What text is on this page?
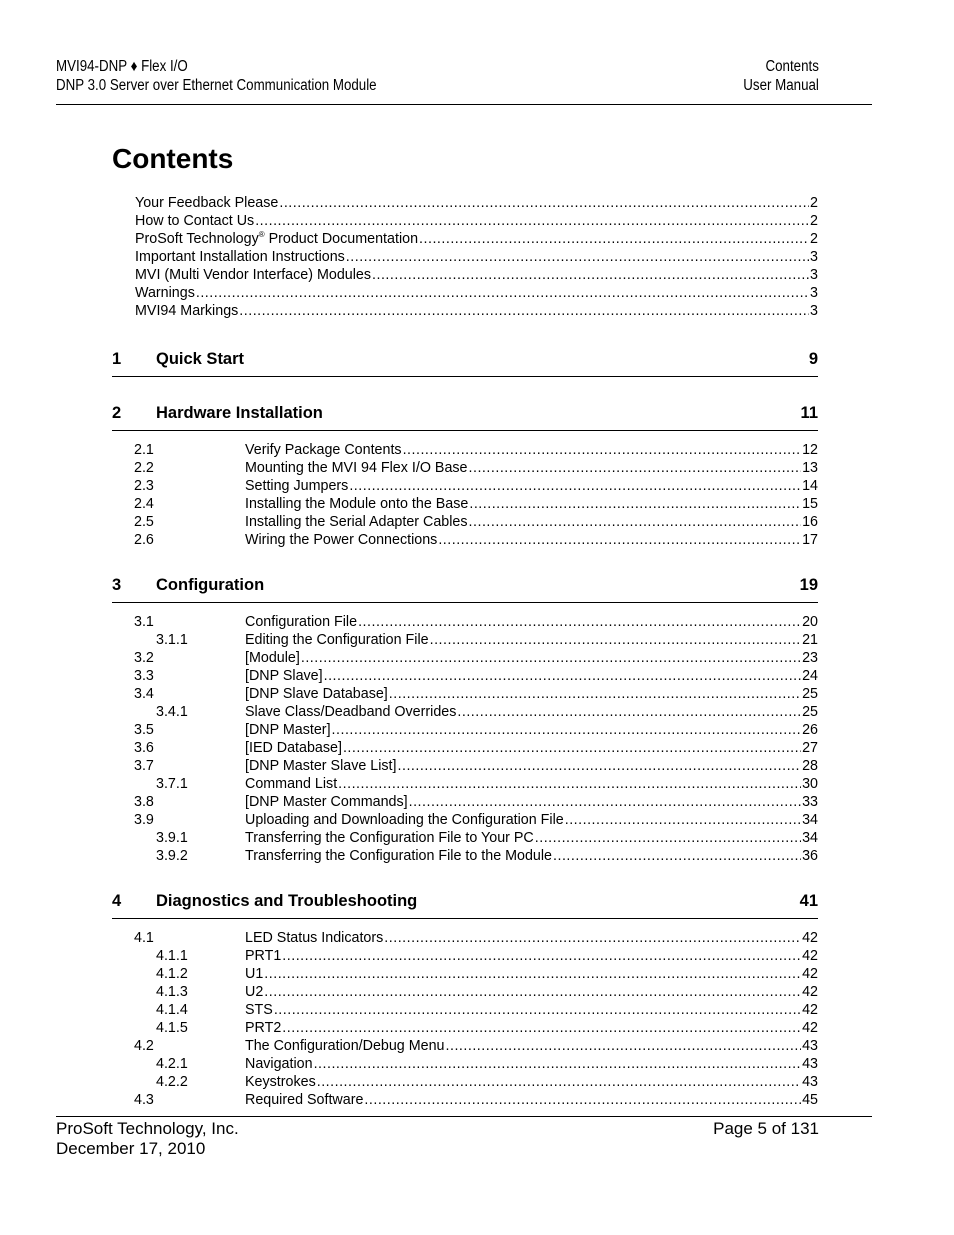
MVI94-DNP ♦ Flex I/O
DNP 3.0 Server over Ethernet Communication Module
Contents
User Manual
Contents
Your Feedback Please .....	2
How to Contact Us .....	2
ProSoft Technology® Product Documentation .....	2
Important Installation Instructions .....	3
MVI (Multi Vendor Interface) Modules .....	3
Warnings .....	3
MVI94 Markings .....	3
1 Quick Start	9
2 Hardware Installation	11
2.1	Verify Package Contents .....	12
2.2	Mounting the MVI 94 Flex I/O Base .....	13
2.3	Setting Jumpers .....	14
2.4	Installing the Module onto the Base .....	15
2.5	Installing the Serial Adapter Cables .....	16
2.6	Wiring the Power Connections .....	17
3 Configuration	19
3.1	Configuration File .....	20
3.1.1	Editing the Configuration File .....	21
3.2	[Module] .....	23
3.3	[DNP Slave] .....	24
3.4	[DNP Slave Database] .....	25
3.4.1	Slave Class/Deadband Overrides .....	25
3.5	[DNP Master] .....	26
3.6	[IED Database] .....	27
3.7	[DNP Master Slave List] .....	28
3.7.1	Command List .....	30
3.8	[DNP Master Commands] .....	33
3.9	Uploading and Downloading the Configuration File .....	34
3.9.1	Transferring the Configuration File to Your PC .....	34
3.9.2	Transferring the Configuration File to the Module .....	36
4 Diagnostics and Troubleshooting	41
4.1	LED Status Indicators .....	42
4.1.1	PRT1 .....	42
4.1.2	U1 .....	42
4.1.3	U2 .....	42
4.1.4	STS .....	42
4.1.5	PRT2 .....	42
4.2	The Configuration/Debug Menu .....	43
4.2.1	Navigation .....	43
4.2.2	Keystrokes .....	43
4.3	Required Software .....	45
ProSoft Technology, Inc.
December 17, 2010
Page 5 of 131
